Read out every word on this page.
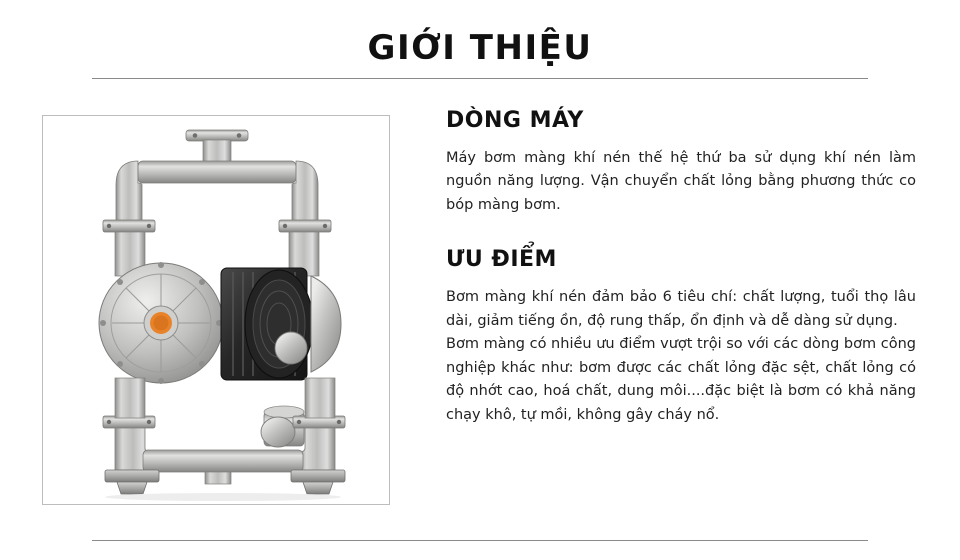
GIỚI THIỆU
DÒNG MÁY

Máy bơm màng khí nén thế hệ thứ ba sử dụng khí nén làm nguồn năng lượng. Vận chuyển chất lỏng bằng phương thức co bóp màng bơm.

ƯU ĐIỂM

Bơm màng khí nén đảm bảo 6 tiêu chí: chất lượng, tuổi thọ lâu dài, giảm tiếng ồn, độ rung thấp, ổn định và dễ dàng sử dụng.

Bơm màng có nhiều ưu điểm vượt trội so với các dòng bơm công nghiệp khác như: bơm được các chất lỏng đặc sệt, chất lỏng có độ nhớt cao, hoá chất, dung môi....đặc biệt là bơm có khả năng chạy khô, tự mồi, không gây cháy nổ.
